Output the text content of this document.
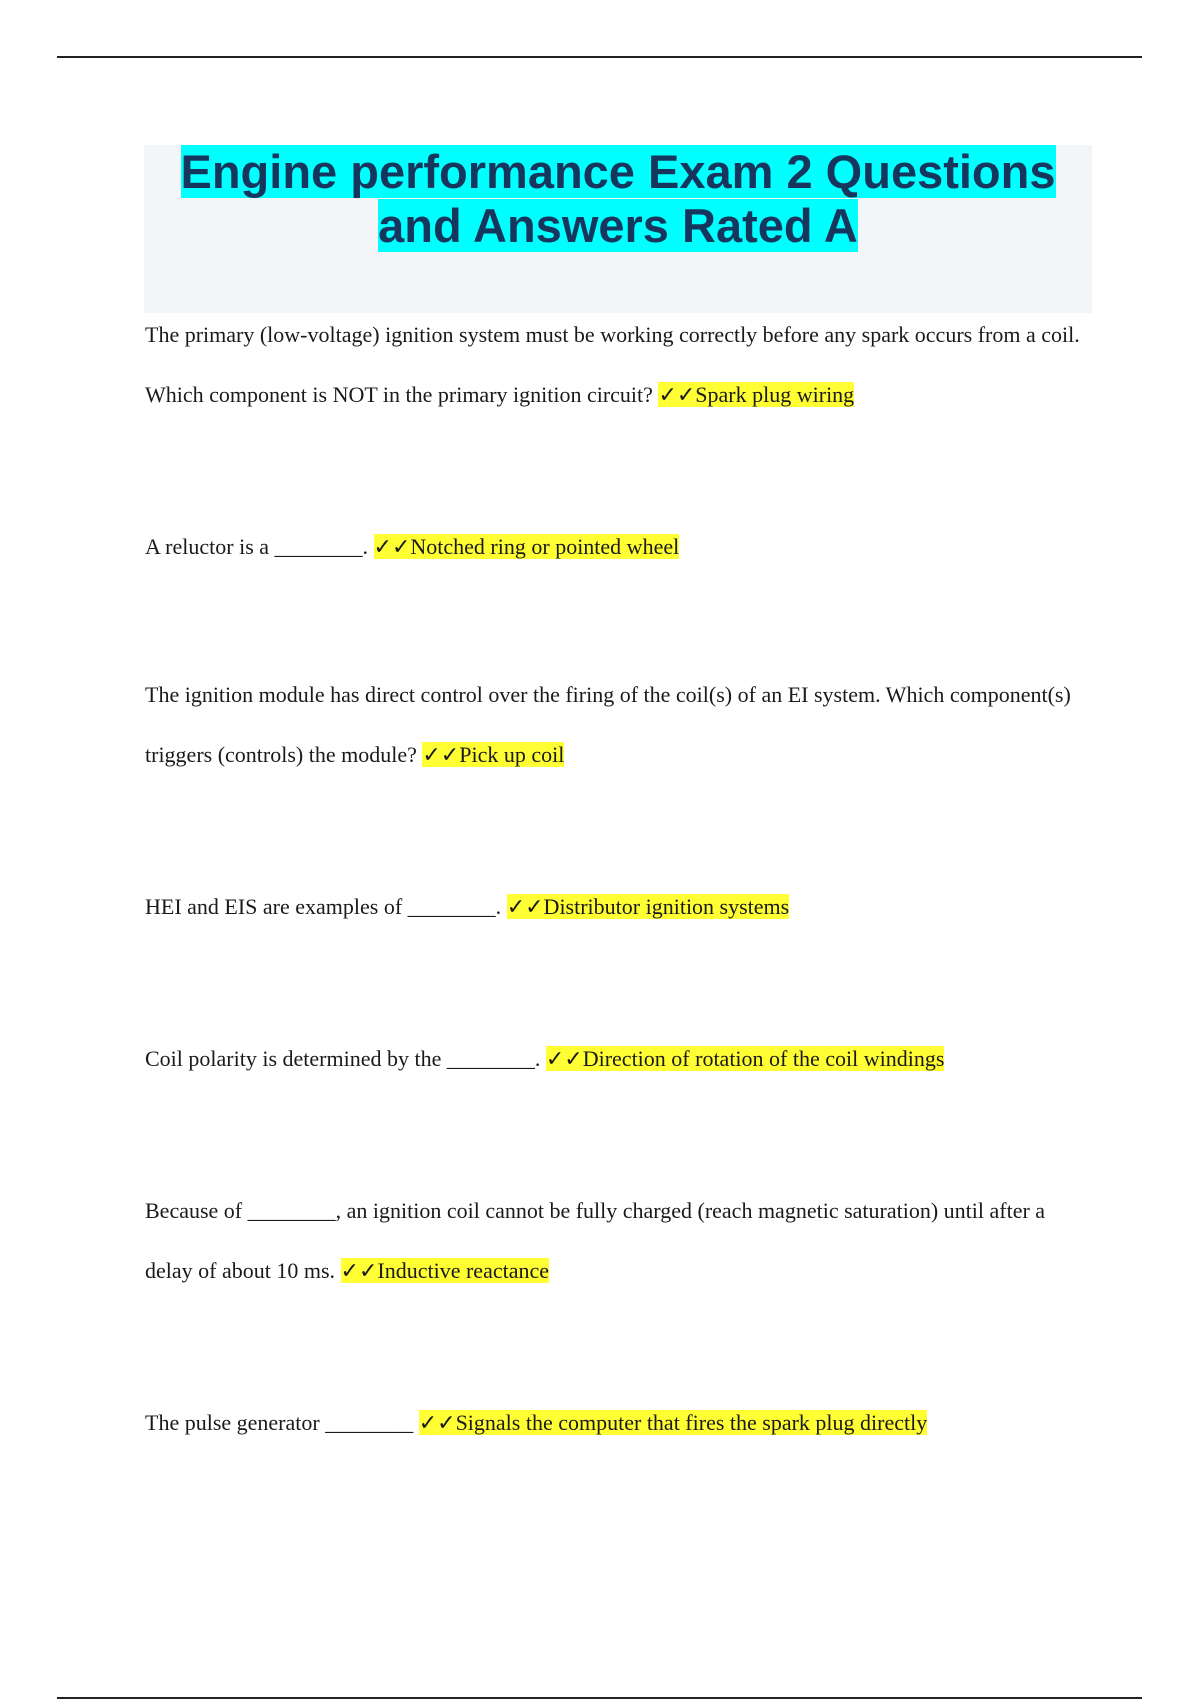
Engine performance Exam 2 Questions and Answers Rated A

The primary (low-voltage) ignition system must be working correctly before any spark occurs from a coil. Which component is NOT in the primary ignition circuit? ✓✓Spark plug wiring

A reluctor is a ________. ✓✓Notched ring or pointed wheel

The ignition module has direct control over the firing of the coil(s) of an EI system. Which component(s) triggers (controls) the module? ✓✓Pick up coil

HEI and EIS are examples of ________. ✓✓Distributor ignition systems

Coil polarity is determined by the ________. ✓✓Direction of rotation of the coil windings

Because of ________, an ignition coil cannot be fully charged (reach magnetic saturation) until after a delay of about 10 ms. ✓✓Inductive reactance

The pulse generator ________ ✓✓Signals the computer that fires the spark plug directly
